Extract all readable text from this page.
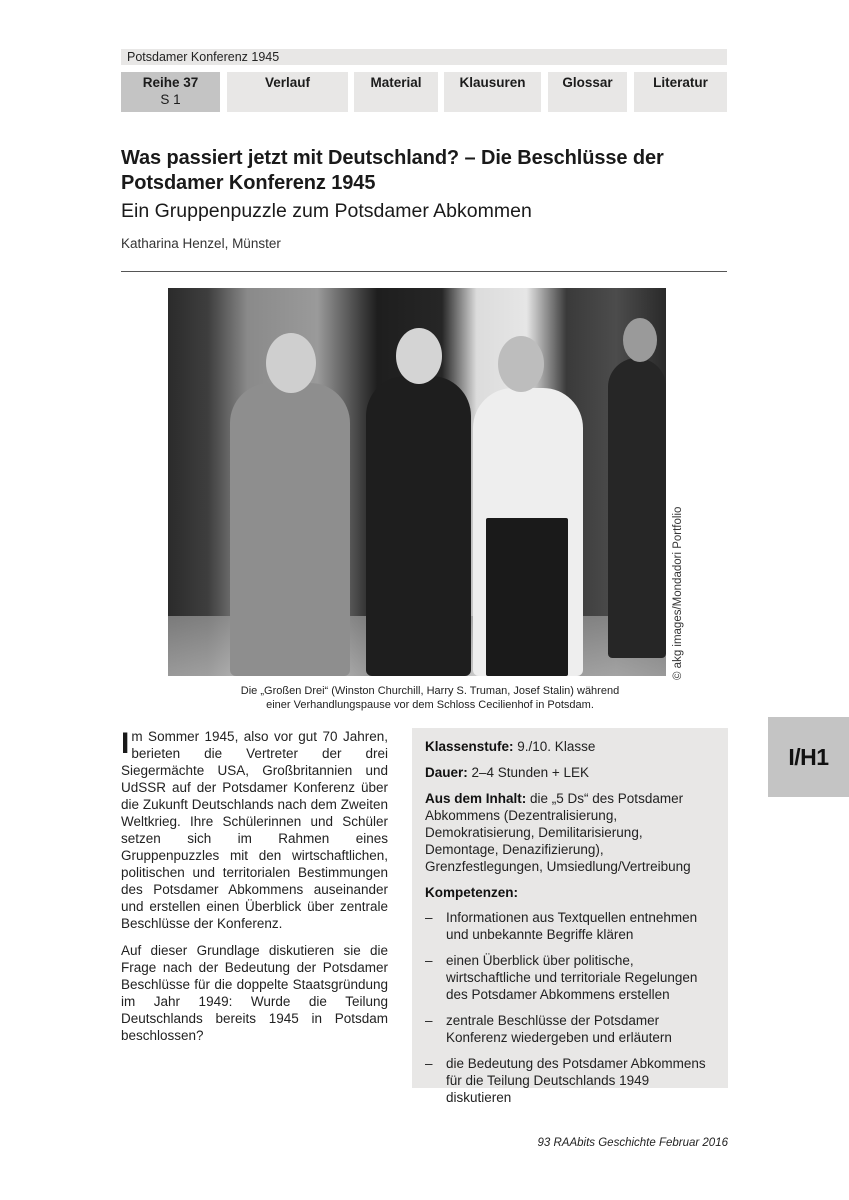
Potsdamer Konferenz 1945
Reihe 37
S 1
Verlauf	Material	Klausuren	Glossar	Literatur
Was passiert jetzt mit Deutschland? – Die Beschlüsse der Potsdamer Konferenz 1945
Ein Gruppenpuzzle zum Potsdamer Abkommen
Katharina Henzel, Münster
© akg images/Mondadori Portfolio
Die „Großen Drei“ (Winston Churchill, Harry S. Truman, Josef Stalin) während
einer Verhandlungspause vor dem Schloss Cecilienhof in Potsdam.

Im Sommer 1945, also vor gut 70 Jahren, berieten die Vertreter der drei Siegermächte USA, Großbritannien und UdSSR auf der Potsdamer Konferenz über die Zukunft Deutschlands nach dem Zweiten Weltkrieg. Ihre Schülerinnen und Schüler setzen sich im Rahmen eines Gruppenpuzzles mit den wirtschaftlichen, politischen und territorialen Bestimmungen des Potsdamer Abkommens auseinander und erstellen einen Überblick über zentrale Beschlüsse der Konferenz.

Auf dieser Grundlage diskutieren sie die Frage nach der Bedeutung der Potsdamer Beschlüsse für die doppelte Staatsgründung im Jahr 1949: Wurde die Teilung Deutschlands bereits 1945 in Potsdam beschlossen?

Klassenstufe: 9./10. Klasse
Dauer: 2–4 Stunden + LEK
Aus dem Inhalt: die „5 Ds“ des Potsdamer Abkommens (Dezentralisierung, Demokratisierung, Demilitarisierung, Demontage, Denazifizierung), Grenzfestlegungen, Umsiedlung/Vertreibung
Kompetenzen:
– Informationen aus Textquellen entnehmen und unbekannte Begriffe klären
– einen Überblick über politische, wirtschaftliche und territoriale Regelungen des Potsdamer Abkommens erstellen
– zentrale Beschlüsse der Potsdamer Konferenz wiedergeben und erläutern
– die Bedeutung des Potsdamer Abkommens für die Teilung Deutschlands 1949 diskutieren
I/H1
93 RAAbits Geschichte Februar 2016
